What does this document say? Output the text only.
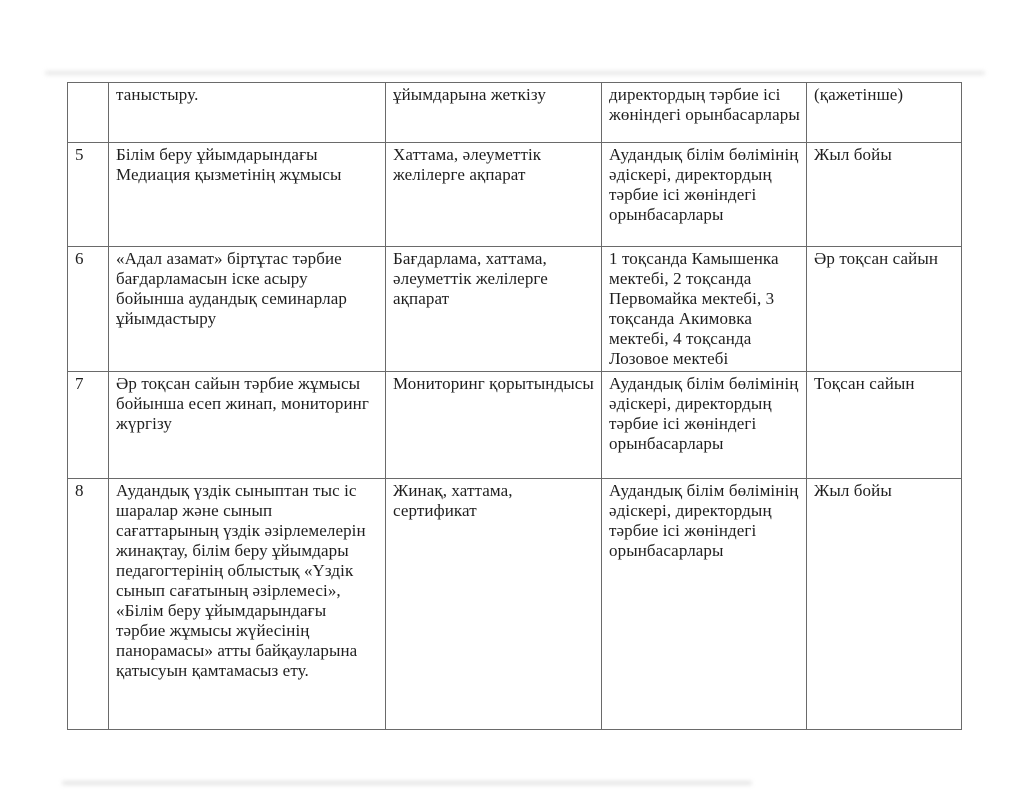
	таныстыру.	ұйымдарына жеткізу	директордың тәрбие ісі жөніндегі орынбасарлары	(қажетінше)
5	Білім беру ұйымдарындағы Медиация қызметінің жұмысы	Хаттама, әлеуметтік желілерге ақпарат	Аудандық білім бөлімінің әдіскері, директордың тәрбие ісі жөніндегі орынбасарлары	Жыл бойы
6	«Адал азамат» біртұтас тәрбие бағдарламасын іске асыру бойынша аудандық семинарлар ұйымдастыру	Бағдарлама, хаттама, әлеуметтік желілерге ақпарат	1 тоқсанда Камышенка мектебі, 2 тоқсанда Первомайка мектебі, 3 тоқсанда Акимовка мектебі, 4 тоқсанда Лозовое мектебі	Әр тоқсан сайын
7	Әр тоқсан сайын тәрбие жұмысы бойынша есеп жинап, мониторинг жүргізу	Мониторинг қорытындысы	Аудандық білім бөлімінің әдіскері, директордың тәрбие ісі жөніндегі орынбасарлары	Тоқсан сайын
8	Аудандық үздік сыныптан тыс іс шаралар және сынып сағаттарының үздік әзірлемелерін жинақтау, білім беру ұйымдары педагогтерінің облыстық «Үздік сынып сағатының әзірлемесі», «Білім беру ұйымдарындағы тәрбие жұмысы жүйесінің панорамасы» атты байқауларына қатысуын қамтамасыз ету.	Жинақ, хаттама, сертификат	Аудандық білім бөлімінің әдіскері, директордың тәрбие ісі жөніндегі орынбасарлары	Жыл бойы
